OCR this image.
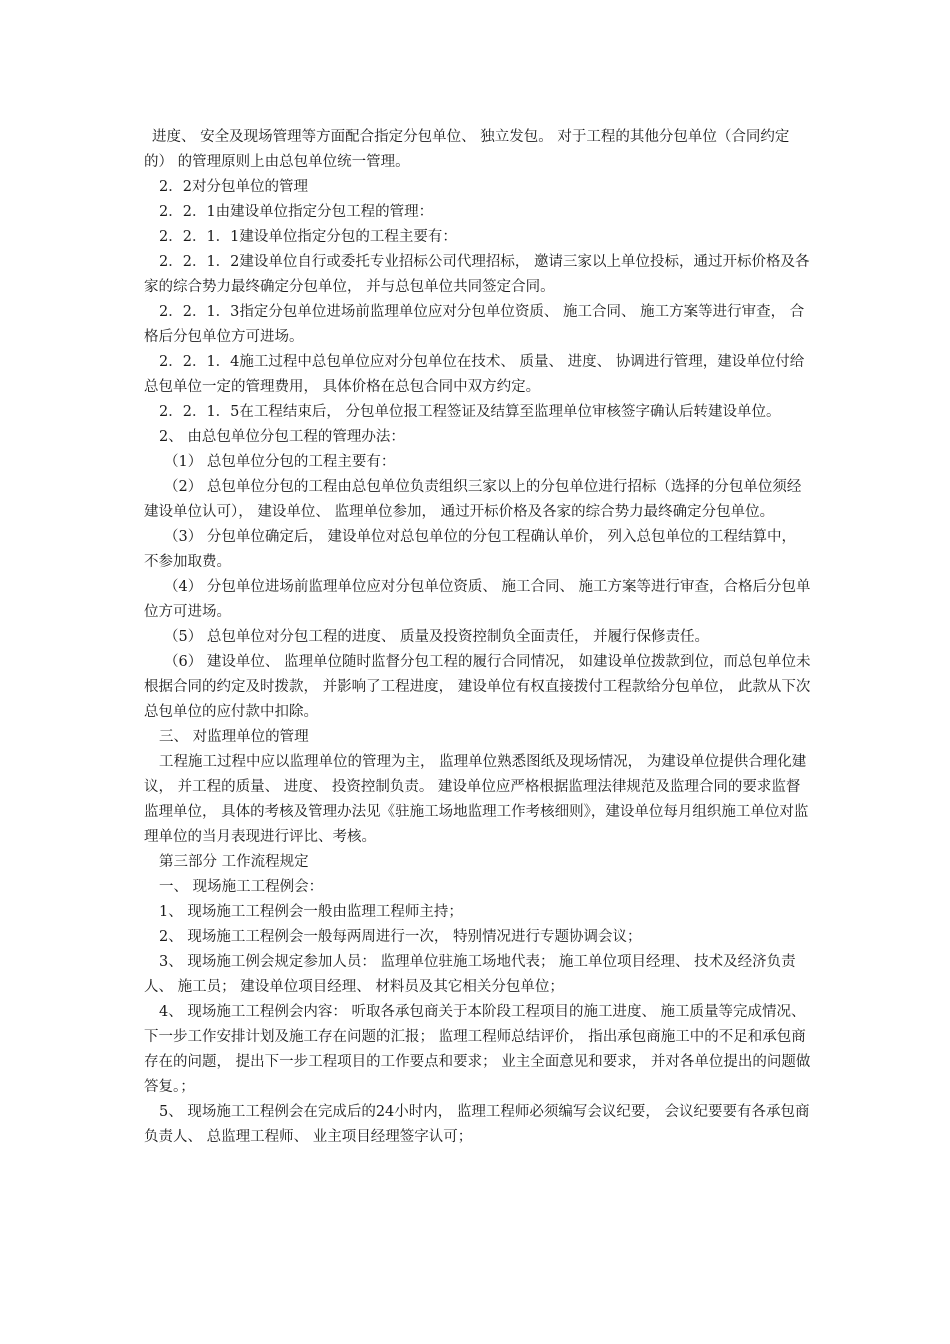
进度、 安全及现场管理等方面配合指定分包单位、 独立发包。 对于工程的其他分包单位（合同约定的） 的管理原则上由总包单位统一管理。

2．2对分包单位的管理

2．2．1由建设单位指定分包工程的管理：

2．2．1．1建设单位指定分包的工程主要有：

2．2．1．2建设单位自行或委托专业招标公司代理招标， 邀请三家以上单位投标，通过开标价格及各家的综合势力最终确定分包单位， 并与总包单位共同签定合同。

2．2．1．3指定分包单位进场前监理单位应对分包单位资质、 施工合同、 施工方案等进行审查， 合格后分包单位方可进场。

2．2．1．4施工过程中总包单位应对分包单位在技术、 质量、 进度、 协调进行管理，建设单位付给总包单位一定的管理费用， 具体价格在总包合同中双方约定。

2．2．1．5在工程结束后， 分包单位报工程签证及结算至监理单位审核签字确认后转建设单位。

2、 由总包单位分包工程的管理办法：

（1） 总包单位分包的工程主要有：

（2） 总包单位分包的工程由总包单位负责组织三家以上的分包单位进行招标（选择的分包单位须经建设单位认可）， 建设单位、 监理单位参加， 通过开标价格及各家的综合势力最终确定分包单位。

（3） 分包单位确定后， 建设单位对总包单位的分包工程确认单价， 列入总包单位的工程结算中， 不参加取费。

（4） 分包单位进场前监理单位应对分包单位资质、 施工合同、 施工方案等进行审查，合格后分包单位方可进场。

（5） 总包单位对分包工程的进度、 质量及投资控制负全面责任， 并履行保修责任。

（6） 建设单位、 监理单位随时监督分包工程的履行合同情况， 如建设单位拨款到位，而总包单位未根据合同的约定及时拨款， 并影响了工程进度， 建设单位有权直接拨付工程款给分包单位， 此款从下次总包单位的应付款中扣除。

三、 对监理单位的管理

工程施工过程中应以监理单位的管理为主， 监理单位熟悉图纸及现场情况， 为建设单位提供合理化建议， 并工程的质量、 进度、 投资控制负责。 建设单位应严格根据监理法律规范及监理合同的要求监督监理单位， 具体的考核及管理办法见《驻施工场地监理工作考核细则》，建设单位每月组织施工单位对监理单位的当月表现进行评比、考核。

第三部分 工作流程规定

一、 现场施工工程例会：

1、 现场施工工程例会一般由监理工程师主持；

2、 现场施工工程例会一般每两周进行一次， 特别情况进行专题协调会议；

3、 现场施工例会规定参加人员： 监理单位驻施工场地代表； 施工单位项目经理、 技术及经济负责人、 施工员； 建设单位项目经理、 材料员及其它相关分包单位；

4、 现场施工工程例会内容： 听取各承包商关于本阶段工程项目的施工进度、 施工质量等完成情况、 下一步工作安排计划及施工存在问题的汇报； 监理工程师总结评价， 指出承包商施工中的不足和承包商存在的问题， 提出下一步工程项目的工作要点和要求； 业主全面意见和要求， 并对各单位提出的问题做答复。；

5、 现场施工工程例会在完成后的24小时内， 监理工程师必须编写会议纪要， 会议纪要要有各承包商负责人、 总监理工程师、 业主项目经理签字认可；
